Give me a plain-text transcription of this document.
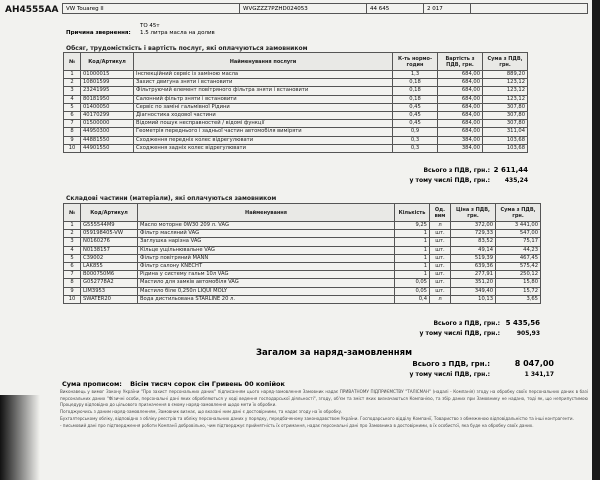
AH4555AA VW Touareg II	WVGZZZ7PZHD024053	44 645	2 017	
ТО 45т
Причина звернення: 1.5 литра масла на долив
Обсяг, трудомісткість і вартість послуг, які оплачуються замовником
№	Код/Артикул	Найменування послуги	К-ть нормо-годин	Вартість з ПДВ, грн.	Сума з ПДВ, грн.
1	01000015	Інспекційний сервіс із заміною масла	1,3	684,00	889,20
2	10801599	Захист двигуна зняти і встановити	0,18	684,00	123,12
3	23241995	Фільтруючий елемент повітряного фільтра зняти і встановити	0,18	684,00	123,12
4	80181950	Салонний фільтр зняти і встановити	0,18	684,00	123,12
5	01400050	Сервіс по заміні гальмівної Рідини	0,45	684,00	307,80
6	40170299	Діагностика ходової частини	0,45	684,00	307,80
7	01500000	Відомий пошук несправностей / відомі функції	0,45	684,00	307,80
8	44950300	Геометрія переднього і задньої частин автомобіля виміряти	0,9	684,00	311,04
9	44881550	Сходження передніх колес відрегулювати	0,3	384,00	103,68
10	44901550	Сходження задніх колес відрегулювати	0,3	384,00	103,68
Всього з ПДВ, грн.: 2 611,44
у тому числі ПДВ, грн.:	435,24
Складові частини (матеріали), які оплачуються замовником
№	Код/Артикул	Найменування	Кількість	Од. вим	Ціна з ПДВ, грн.	Сума з ПДВ, грн.
1	G555544M9	Масло моторне 0W30 209 л. VAG	9,25	л	372,00	3 441,00
2	059198405-VW	Фільтр масляний VAG	1	шт.	729,33	547,00
3	N0160276	Заглушка нарізна VAG	1	шт.	83,52	75,17
4	N0138157	Кільце ущільнювальне VAG	1	шт.	49,14	44,23
5	C39002	Фільтр повітряний MANN	1	шт.	519,39	467,45
6	LAK855	Фільтр салону KNECHT	1	шт.	639,36	575,42
7	B000750M6	Рідина у систему гальм 10л VAG	1	шт.	277,91	250,12
8	G052778A2	Мастило для замків автомобіля VAG	0,05	шт.	351,20	15,80
9	LIM3953	Мастило біле 0,250л LIQUI MOLY	0,05	шт.	349,40	15,72
10	SWATER20	Вода дистильована STARLINE 20 л.	0,4	л	10,13	3,65
Всього з ПДВ, грн.: 5 435,56
у тому числі ПДВ, грн.:	905,93
Загалом за наряд-замовленням
Всього з ПДВ, грн.:	8 047,00
у тому числі ПДВ, грн.:	1 341,17
Сума прописом: Вісім тисяч сорок сім Гривень 00 копійок

Виконавець у вимог Закону України "Про захист персональних даних" підписанням цього наряд-замовлення Замовник надає ПРИВАТНОМУ ПІДПРИЄМСТВУ "ТАЛІСМАН" (надалі - Компанія) згоду на обробку своїх персональних даних в базі персональних даних "Фізичні особи, персональні дані яких обробляються у ході ведення господарської діяльності", згоду, об'єм та зміст яких визначаються Компанією, та збір даних при Замовнику не надано, тоді як, що неприпустимою Процедуру відповідно до цільового призначення в ємому наряд-замовлення щодо мети їх обробки.

Погоджуючись з даним наряд-замовленням, Замовник визнає, що вказані ним дані є достовірними, та надає згоду на їх обробку.

Бухгалтерському обліку, відповідно з обліку реєстрів та обліку персональних даних у порядку, передбаченому законодавством України. Господарського відділу Компанії, Товариство з обмеженою відповідальністю та інші контрагенти.

- письмовий дані про підтвердження роботи Компанії добровільно, чим підтверджує прийнятність їх отримання, надає персональні дані про Замовника в достовірними, в їх особистої, яка буде на обробку своїх даних.
